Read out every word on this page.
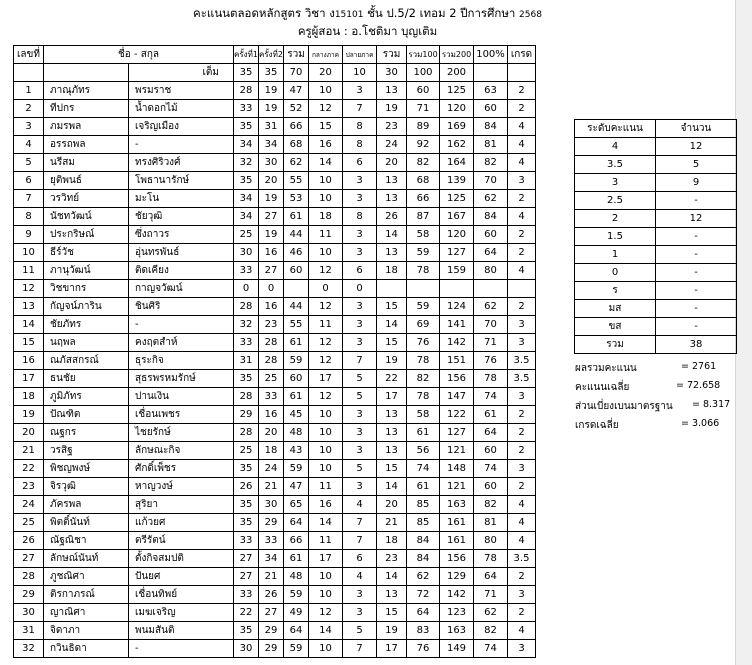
คะแนนตลอดหลักสูตร วิชา ง15101 ชั้น ป.5/2 เทอม 2 ปีการศึกษา 2568
ครูผู้สอน : อ.โชติมา บุญเติม
เลขที่	ชื่อ - สกุล		ครั้งที่1	ครั้งที่2	รวม	กลางภาค	ปลายภาค	รวม	รวม100	รวม200	100%	เกรด
		เต็ม	35	35	70	20	10	30	100	200		
1	ภาณุภัทร	พรมราช	28	19	47	10	3	13	60	125	63	2
2	ทีปกร	น้ำดอกไม้	33	19	52	12	7	19	71	120	60	2
3	ภมรพล	เจริญเมือง	35	31	66	15	8	23	89	169	84	4
4	อรรถพล	-	34	34	68	16	8	24	92	162	81	4
5	นรีสม	ทรงศิริวงศ์	32	30	62	14	6	20	82	164	82	4
6	ยุติพนธ์	โพธานารักษ์	35	20	55	10	3	13	68	139	70	3
7	วรวิทย์	มะโน	34	19	53	10	3	13	66	125	62	2
8	นัชทวัฒน์	ชัยวุฒิ	34	27	61	18	8	26	87	167	84	4
9	ประกริษณ์	ซึ่งถาวร	25	19	44	11	3	14	58	120	60	2
10	ธีร์วัช	อุ่นทรพันธ์	30	16	46	10	3	13	59	127	64	2
11	ภานุวัฒน์	ติดเคียง	33	27	60	12	6	18	78	159	80	4
12	วิชขากร	กาญจวัฒน์	0	0		0	0					
13	กัญจน์ภาริน	ชินศิริ	28	16	44	12	3	15	59	124	62	2
14	ชัยภัทร	-	32	23	55	11	3	14	69	141	70	3
15	นฤพล	คงฤตสำห์	33	28	61	12	3	15	76	142	71	3
16	ณภัสสกรณ์	ธุระกิจ	31	28	59	12	7	19	78	151	76	3.5
17	ธนชัย	สุธรพรหมรักษ์	35	25	60	17	5	22	82	156	78	3.5
18	ภูมิภัทร	ปานเงิน	28	33	61	12	5	17	78	147	74	3
19	ปัณฑิต	เชื่อนเพชร	29	16	45	10	3	13	58	122	61	2
20	ณฐกร	ไชยรักษ์	28	20	48	10	3	13	61	127	64	2
21	วรสิฐ	ลักษณะกิจ	25	18	43	10	3	13	56	121	60	2
22	พิชญพงษ์	ศักดิ์เพ็ชร	35	24	59	10	5	15	74	148	74	3
23	จิรวุฒิ	หาญวงษ์	26	21	47	11	3	14	61	121	60	2
24	ภัครพล	สุริยา	35	30	65	16	4	20	85	163	82	4
25	พิตติ์นันท์	แก้วยศ	35	29	64	14	7	21	85	161	81	4
26	ณัฐณิชา	ตรีรัตน์	33	33	66	11	7	18	84	161	80	4
27	ลักษณ์นันท์	ตั้งกิจสมปติ	27	34	61	17	6	23	84	156	78	3.5
28	ภูชณิศา	ปันยศ	27	21	48	10	4	14	62	129	64	2
29	ติรกาภรณ์	เชื่อนทิพย์	33	26	59	10	3	13	72	142	71	3
30	ญาณิศา	เมฆเจริญ	22	27	49	12	3	15	64	123	62	2
31	จิดาภา	พนมสันติ	35	29	64	14	5	19	83	163	82	4
32	กวินธิดา	-	30	29	59	10	7	17	76	149	74	3
ระดับคะแนน	จำนวน
4	12
3.5	5
3	9
2.5	-
2	12
1.5	-
1	-
0	-
ร	-
มส	-
ขส	-
รวม	38
ผลรวมคะแนน	= 2761
คะแนนเฉลี่ย	= 72.658
ส่วนเบี่ยงเบนมาตรฐาน = 8.317
เกรดเฉลี่ย	= 3.066
